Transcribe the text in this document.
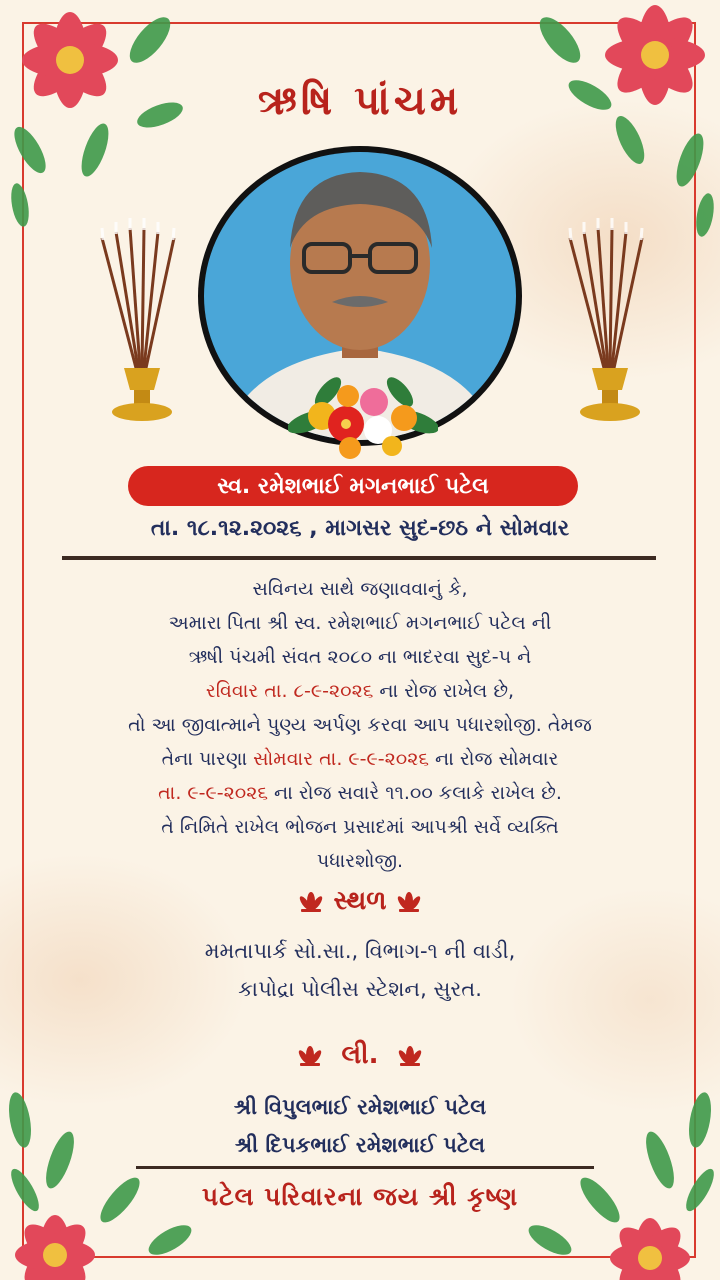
ઋષિ પાંચમ
સ્વ. રમેશભાઈ મગનભાઈ પટેલ
તા. ૧૮.૧૨.૨૦૨૬ , માગસર સુદ-છઠ ને સોમવાર
સવિનય સાથે જણાવવાનું કે,
અમારા પિતા શ્રી સ્વ. રમેશભાઈ મગનભાઈ પટેલ ની
ઋષી પંચમી સંવત ૨૦૮૦ ના ભાદરવા સુદ-૫ ને
રવિવાર તા. ૮-૯-૨૦૨૬ ના રોજ રાખેલ છે,
તો આ જીવાત્માને પુણ્ય અર્પણ કરવા આપ પધારશોજી. તેમજ
તેના પારણા સોમવાર તા. ૯-૯-૨૦૨૬ ના રોજ સોમવાર
તા. ૯-૯-૨૦૨૬ ના રોજ સવારે ૧૧.૦૦ કલાકે રાખેલ છે.
તે નિમિતે રાખેલ ભોજન પ્રસાદમાં આપશ્રી સર્વે વ્યક્તિ
પધારશોજી.
સ્થળ
મમતાપાર્ક સો.સા., વિભાગ-૧ ની વાડી,
કાપોદ્રા પોલીસ સ્ટેશન, સુરત.
લી.
શ્રી વિપુલભાઈ રમેશભાઈ પટેલ
શ્રી દિપકભાઈ રમેશભાઈ પટેલ
પટેલ પરિવારના જય શ્રી કૃષ્ણ
